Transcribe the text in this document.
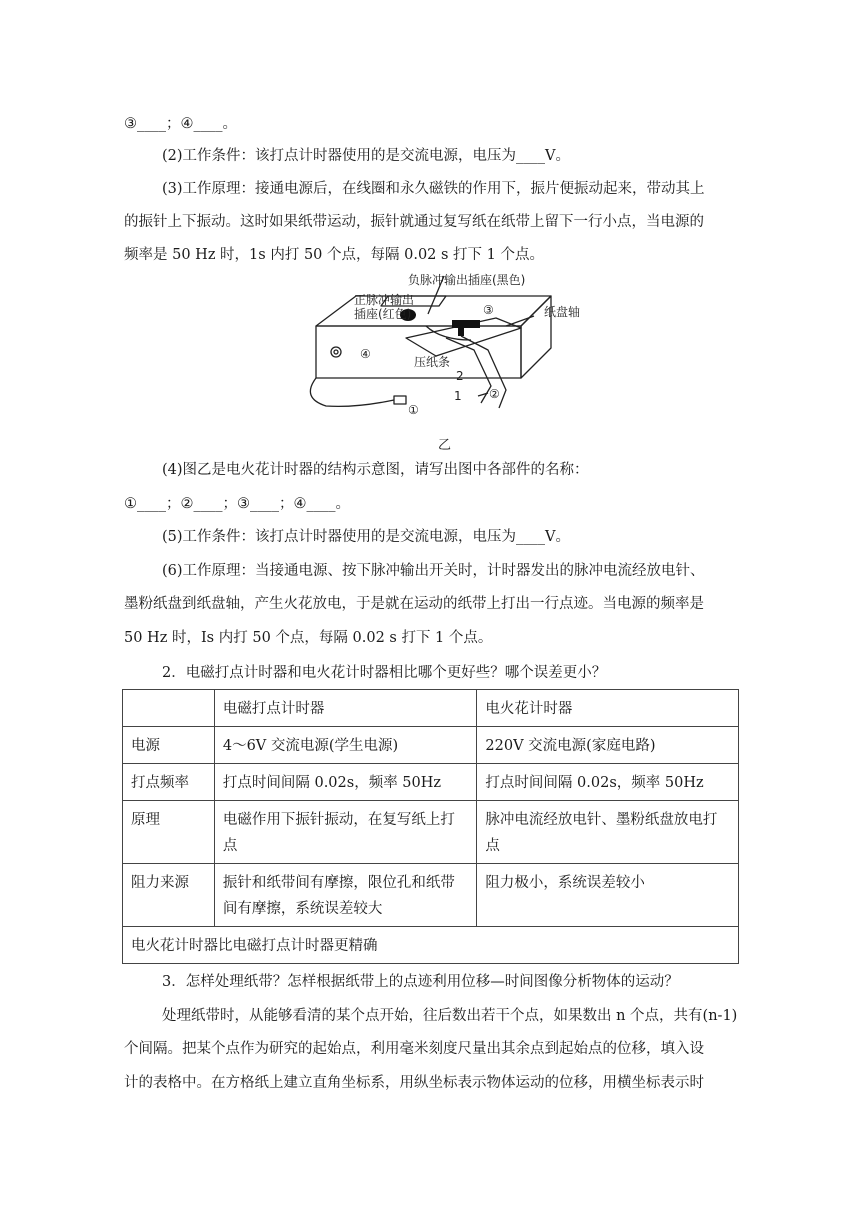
③____；④____。
(2)工作条件：该打点计时器使用的是交流电源，电压为____V。
(3)工作原理：接通电源后，在线圈和永久磁铁的作用下，振片便振动起来，带动其上
的振针上下振动。这时如果纸带运动，振针就通过复写纸在纸带上留下一行小点，当电源的
频率是 50 Hz 时，1s 内打 50 个点，每隔 0.02 s 打下 1 个点。
负脉冲输出插座(黑色)
正脉冲输出
插座(红色)	纸盘轴
压纸条
③
④
①
②
2
1
乙
(4)图乙是电火花计时器的结构示意图，请写出图中各部件的名称：
①____；②____；③____；④____。
(5)工作条件：该打点计时器使用的是交流电源，电压为____V。
(6)工作原理：当接通电源、按下脉冲输出开关时，计时器发出的脉冲电流经放电针、
墨粉纸盘到纸盘轴，产生火花放电，于是就在运动的纸带上打出一行点迹。当电源的频率是
50 Hz 时，Is 内打 50 个点，每隔 0.02 s 打下 1 个点。
2．电磁打点计时器和电火花计时器相比哪个更好些？哪个误差更小？
	电磁打点计时器	电火花计时器
电源	4～6V 交流电源(学生电源)	220V 交流电源(家庭电路)
打点频率	打点时间间隔 0.02s，频率 50Hz	打点时间间隔 0.02s，频率 50Hz
原理	电磁作用下振针振动，在复写纸上打点	脉冲电流经放电针、墨粉纸盘放电打点
阻力来源	振针和纸带间有摩擦，限位孔和纸带间有摩擦，系统误差较大	阻力极小，系统误差较小
电火花计时器比电磁打点计时器更精确		
3．怎样处理纸带？怎样根据纸带上的点迹利用位移—时间图像分析物体的运动？
处理纸带时，从能够看清的某个点开始，往后数出若干个点，如果数出 n 个点，共有(n-1)
个间隔。把某个点作为研究的起始点，利用毫米刻度尺量出其余点到起始点的位移，填入设
计的表格中。在方格纸上建立直角坐标系，用纵坐标表示物体运动的位移，用横坐标表示时
